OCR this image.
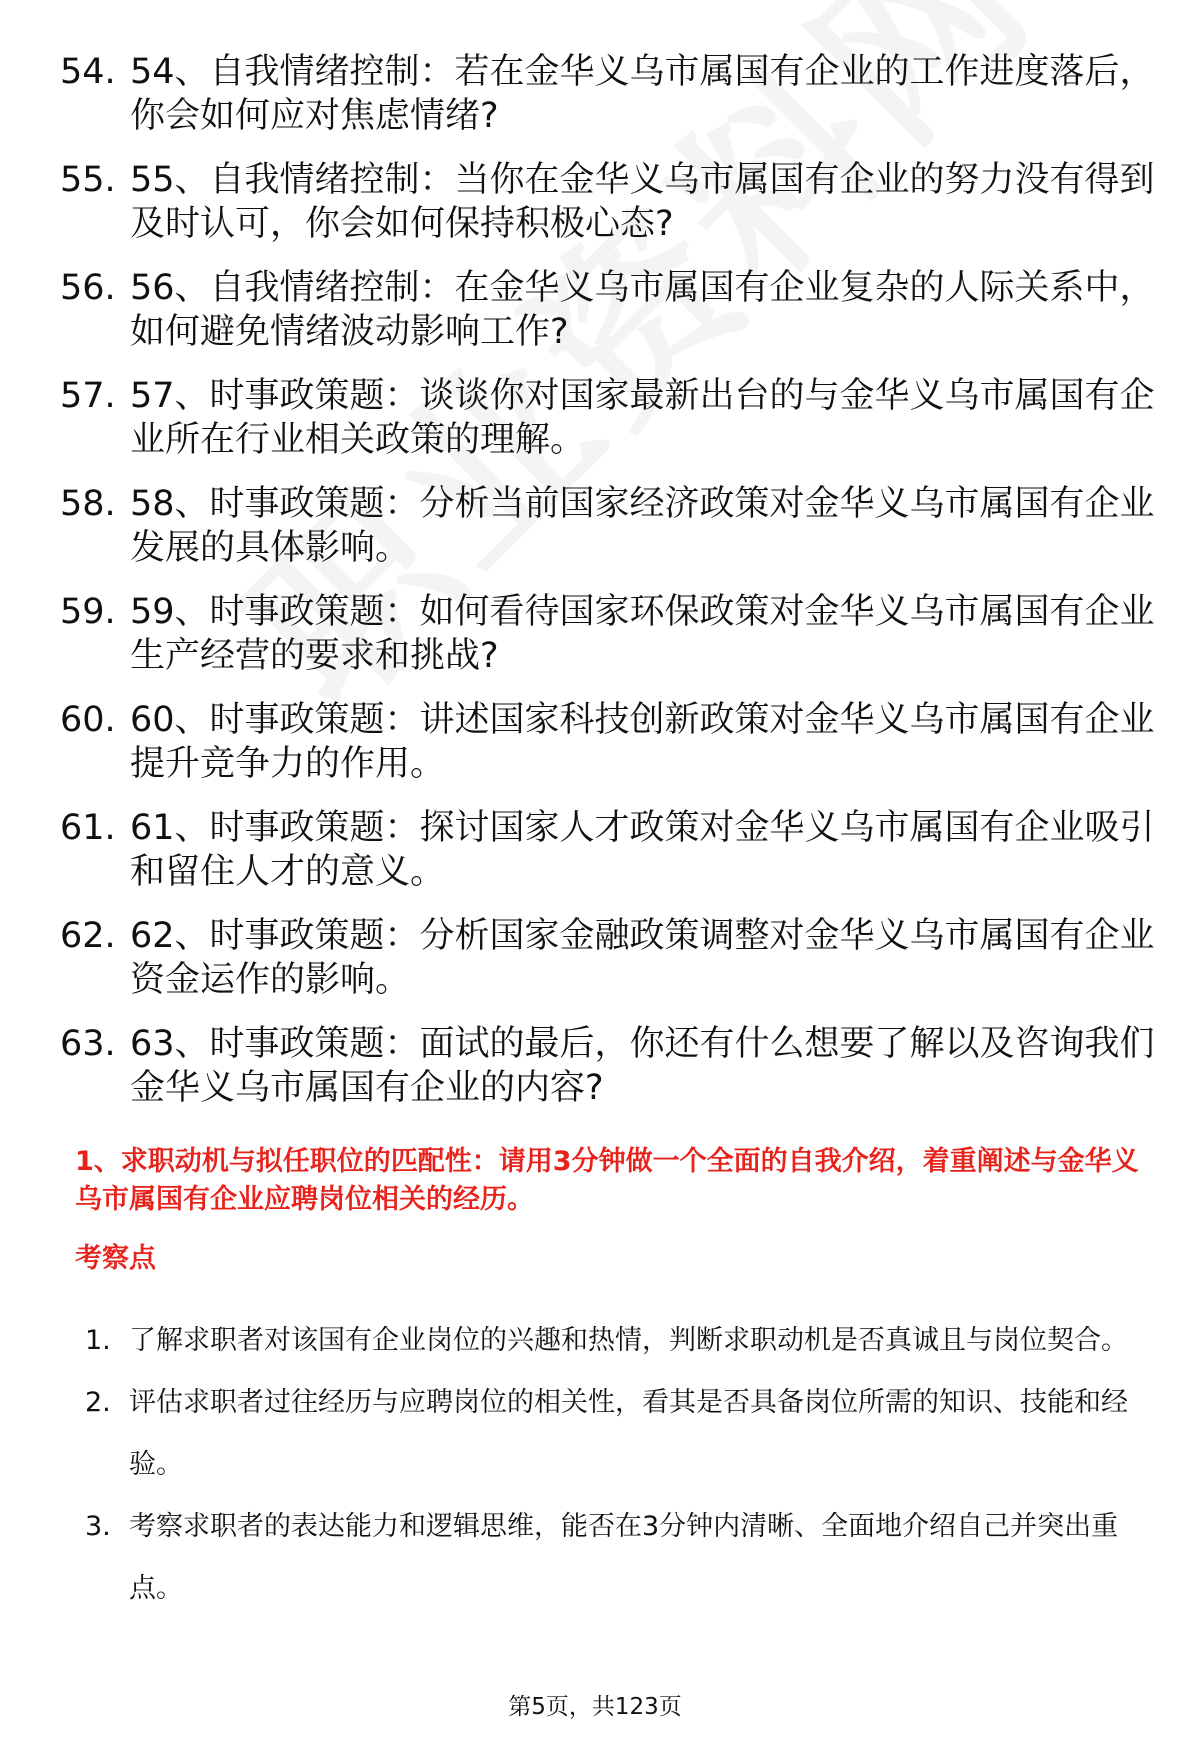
54. 54、自我情绪控制：若在金华义乌市属国有企业的工作进度落后，你会如何应对焦虑情绪?
55. 55、自我情绪控制：当你在金华义乌市属国有企业的努力没有得到及时认可，你会如何保持积极心态?
56. 56、自我情绪控制：在金华义乌市属国有企业复杂的人际关系中，如何避免情绪波动影响工作?
57. 57、时事政策题：谈谈你对国家最新出台的与金华义乌市属国有企业所在行业相关政策的理解。
58. 58、时事政策题：分析当前国家经济政策对金华义乌市属国有企业发展的具体影响。
59. 59、时事政策题：如何看待国家环保政策对金华义乌市属国有企业生产经营的要求和挑战?
60. 60、时事政策题：讲述国家科技创新政策对金华义乌市属国有企业提升竞争力的作用。
61. 61、时事政策题：探讨国家人才政策对金华义乌市属国有企业吸引和留住人才的意义。
62. 62、时事政策题：分析国家金融政策调整对金华义乌市属国有企业资金运作的影响。
63. 63、时事政策题：面试的最后，你还有什么想要了解以及咨询我们金华义乌市属国有企业的内容?
1、求职动机与拟任职位的匹配性：请用3分钟做一个全面的自我介绍，着重阐述与金华义乌市属国有企业应聘岗位相关的经历。
考察点
1. 了解求职者对该国有企业岗位的兴趣和热情，判断求职动机是否真诚且与岗位契合。
2. 评估求职者过往经历与应聘岗位的相关性，看其是否具备岗位所需的知识、技能和经验。
3. 考察求职者的表达能力和逻辑思维，能否在3分钟内清晰、全面地介绍自己并突出重点。
第5页，共123页
